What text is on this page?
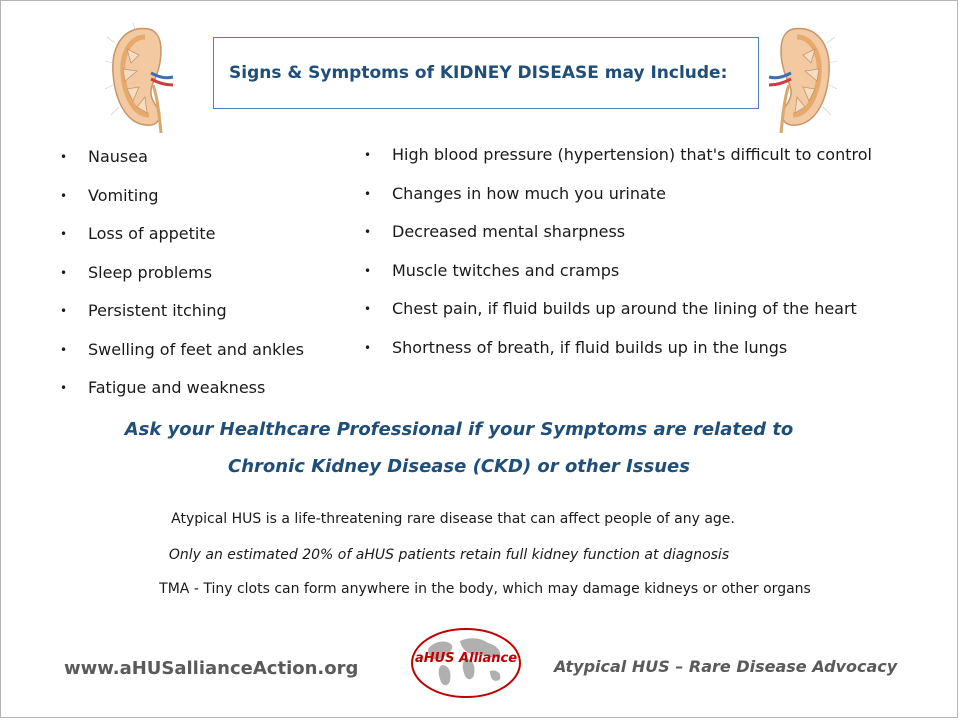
Signs & Symptoms of KIDNEY DISEASE may Include:
• Nausea
• Vomiting
• Loss of appetite
• Sleep problems
• Persistent itching
• Swelling of feet and ankles
• Fatigue and weakness
• High blood pressure (hypertension) that's difficult to control
• Changes in how much you urinate
• Decreased mental sharpness
• Muscle twitches and cramps
• Chest pain, if fluid builds up around the lining of the heart
• Shortness of breath, if fluid builds up in the lungs
Ask your Healthcare Professional if your Symptoms are related to
Chronic Kidney Disease (CKD) or other Issues
Atypical HUS is a life-threatening rare disease that can affect people of any age.
Only an estimated 20% of aHUS patients retain full kidney function at diagnosis
TMA - Tiny clots can form anywhere in the body, which may damage kidneys or other organs
www.aHUSallianceAction.org	aHUS Alliance	Atypical HUS – Rare Disease Advocacy
